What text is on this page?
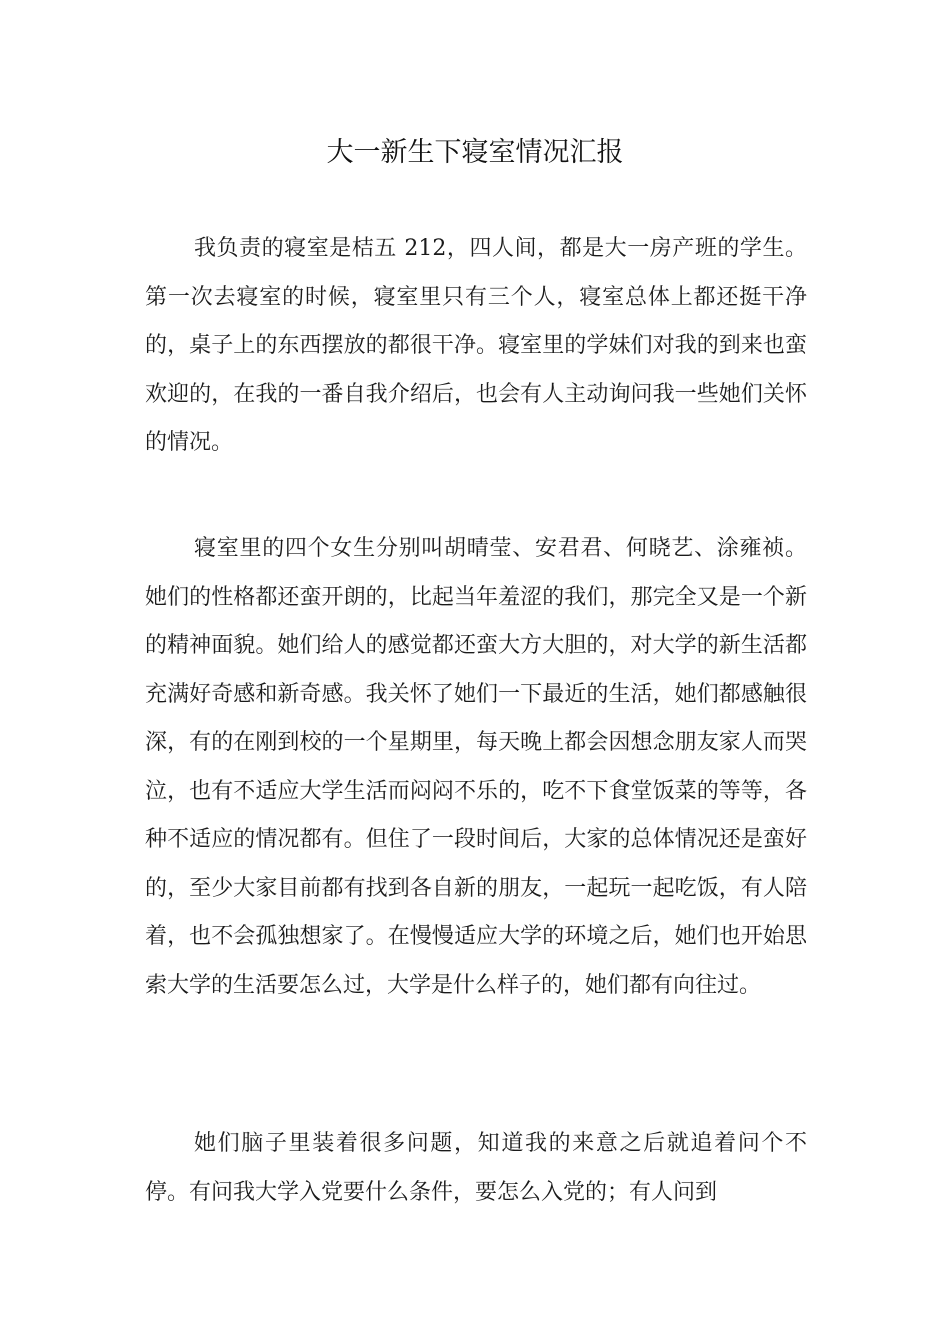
大一新生下寝室情况汇报

我负责的寝室是桔五 212，四人间，都是大一房产班的学生。第一次去寝室的时候，寝室里只有三个人，寝室总体上都还挺干净的，桌子上的东西摆放的都很干净。寝室里的学妹们对我的到来也蛮欢迎的，在我的一番自我介绍后，也会有人主动询问我一些她们关怀的情况。

寝室里的四个女生分别叫胡晴莹、安君君、何晓艺、涂雍祯。她们的性格都还蛮开朗的，比起当年羞涩的我们，那完全又是一个新的精神面貌。她们给人的感觉都还蛮大方大胆的，对大学的新生活都充满好奇感和新奇感。我关怀了她们一下最近的生活，她们都感触很深，有的在刚到校的一个星期里，每天晚上都会因想念朋友家人而哭泣，也有不适应大学生活而闷闷不乐的，吃不下食堂饭菜的等等，各种不适应的情况都有。但住了一段时间后，大家的总体情况还是蛮好的，至少大家目前都有找到各自新的朋友，一起玩一起吃饭，有人陪着，也不会孤独想家了。在慢慢适应大学的环境之后，她们也开始思索大学的生活要怎么过，大学是什么样子的，她们都有向往过。

她们脑子里装着很多问题，知道我的来意之后就追着问个不停。有问我大学入党要什么条件，要怎么入党的；有人问到
